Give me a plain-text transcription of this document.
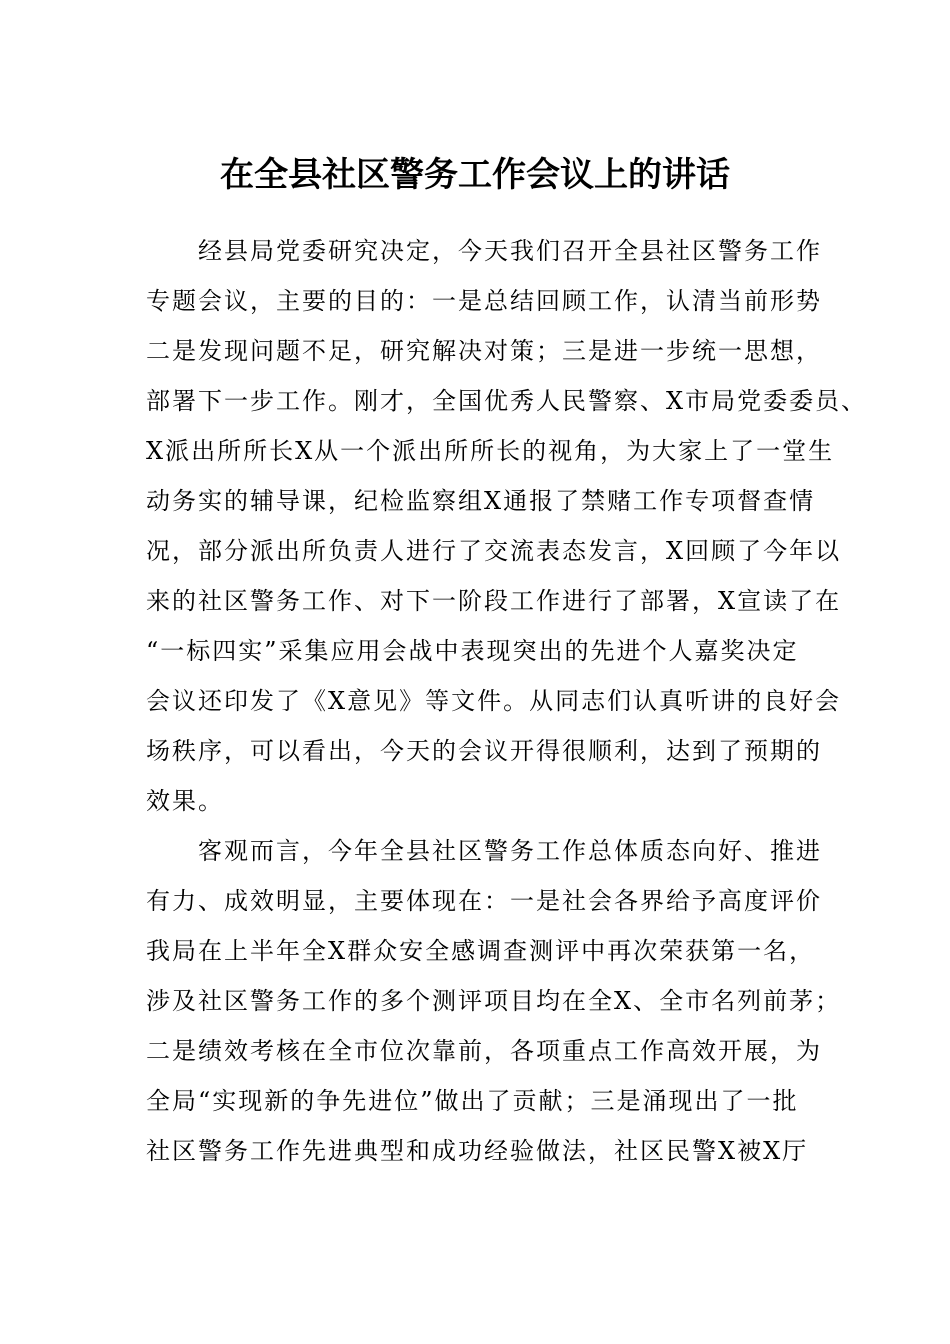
在全县社区警务工作会议上的讲话
经县局党委研究决定，今天我们召开全县社区警务工作
专题会议，主要的目的：一是总结回顾工作，认清当前形势
二是发现问题不足，研究解决对策；三是进一步统一思想，
部署下一步工作。刚才，全国优秀人民警察、X市局党委委员、
X派出所所长X从一个派出所所长的视角，为大家上了一堂生
动务实的辅导课，纪检监察组X通报了禁赌工作专项督查情
况，部分派出所负责人进行了交流表态发言，X回顾了今年以
来的社区警务工作、对下一阶段工作进行了部署，X宣读了在
“一标四实”采集应用会战中表现突出的先进个人嘉奖决定
会议还印发了《X意见》等文件。从同志们认真听讲的良好会
场秩序，可以看出，今天的会议开得很顺利，达到了预期的
效果。
客观而言，今年全县社区警务工作总体质态向好、推进
有力、成效明显，主要体现在：一是社会各界给予高度评价
我局在上半年全X群众安全感调查测评中再次荣获第一名，
涉及社区警务工作的多个测评项目均在全X、全市名列前茅；
二是绩效考核在全市位次靠前，各项重点工作高效开展，为
全局“实现新的争先进位”做出了贡献；三是涌现出了一批
社区警务工作先进典型和成功经验做法，社区民警X被X厅
